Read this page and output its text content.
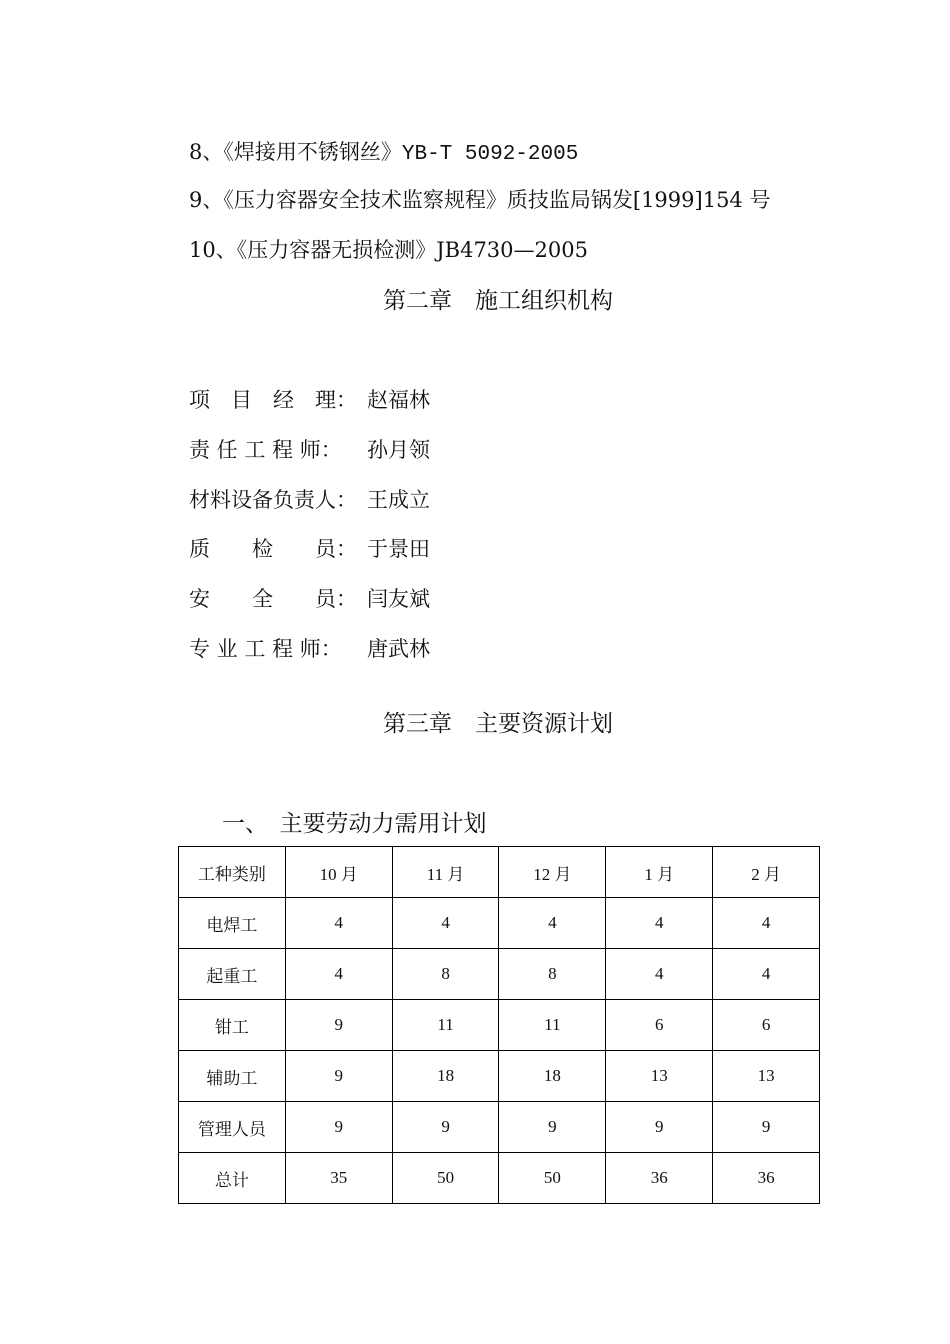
8、《焊接用不锈钢丝》YB-T 5092-2005
9、《压力容器安全技术监察规程》质技监局锅发[1999]154 号
10、《压力容器无损检测》JB4730—2005
第二章　施工组织机构
项　目　经　理： 赵福林
责 任 工 程 师： 孙月领
材料设备负责人： 王成立
质　　检　　员： 于景田
安　　全　　员： 闫友斌
专 业 工 程 师： 唐武林
第三章　主要资源计划
一、　主要劳动力需用计划
工种类别	10 月	11 月	12 月	1 月	2 月
电焊工	4	4	4	4	4
起重工	4	8	8	4	4
钳工	9	11	11	6	6
辅助工	9	18	18	13	13
管理人员	9	9	9	9	9
总计	35	50	50	36	36
